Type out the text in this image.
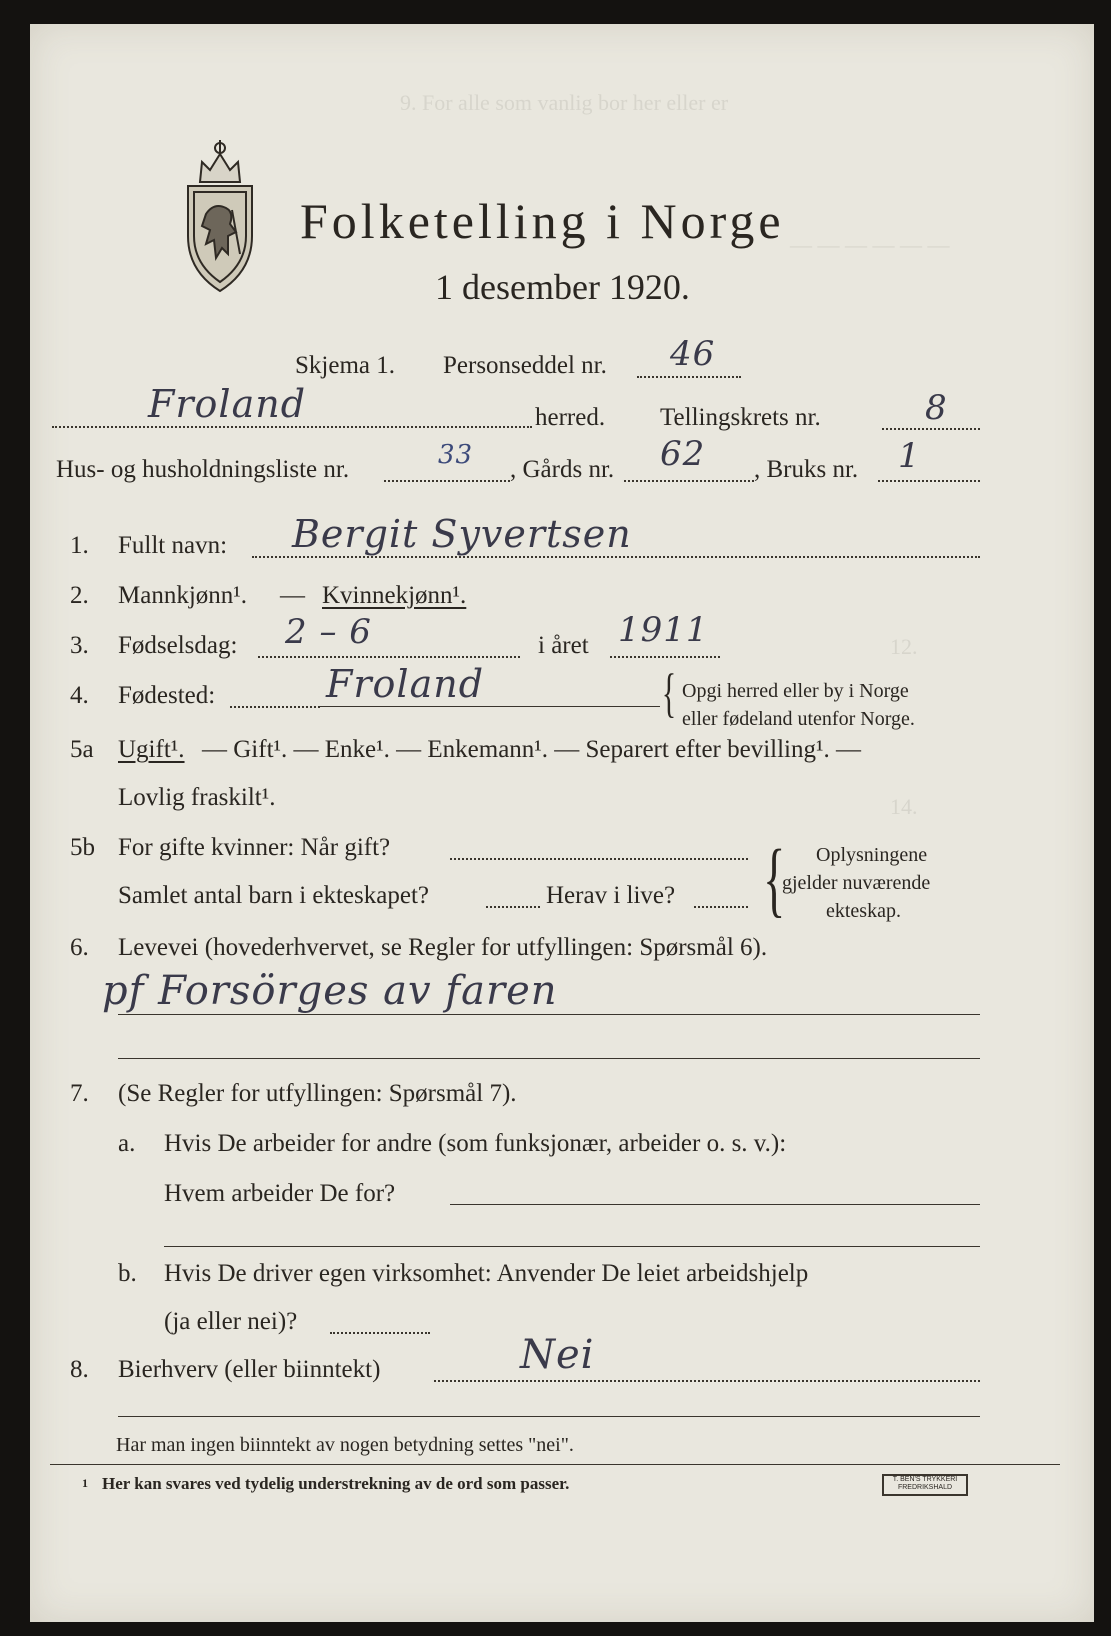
9. For alle som vanlig bor her eller er
— — — — — —
12.
14.
Folketelling i Norge
1 desember 1920.
Skjema 1. Personseddel nr. 46
Froland	herred. Tellingskrets nr.	8
Hus- og husholdningsliste nr.	33 , Gårds nr. 62 , Bruks nr. 1
1. Fullt navn: Bergit Syvertsen
2. Mannkjønn¹. — Kvinnekjønn¹.
3. Fødselsdag: 2 – 6	i året 1911
4. Fødested:	Froland	{ Opgi herred eller by i Norge
eller fødeland utenfor Norge.
5a Ugift¹. — Gift¹. — Enke¹. — Enkemann¹. — Separert efter bevilling¹. —
Lovlig fraskilt¹.
5b For gifte kvinner: Når gift?
Samlet antal barn i ekteskapet?	Herav i live? { Oplysningene
gjelder nuværende
ekteskap.
6. Levevei (hovederhvervet, se Regler for utfyllingen: Spørsmål 6).
pf Forsörges av faren
7. (Se Regler for utfyllingen: Spørsmål 7).
a. Hvis De arbeider for andre (som funksjonær, arbeider o. s. v.):
Hvem arbeider De for?
b. Hvis De driver egen virksomhet: Anvender De leiet arbeidshjelp
(ja eller nei)?
8. Bierhverv (eller biinntekt)	Nei
Har man ingen biinntekt av nogen betydning settes "nei".
1 Her kan svares ved tydelig understrekning av de ord som passer.	T. BEN'S TRYKKERI FREDRIKSHALD
